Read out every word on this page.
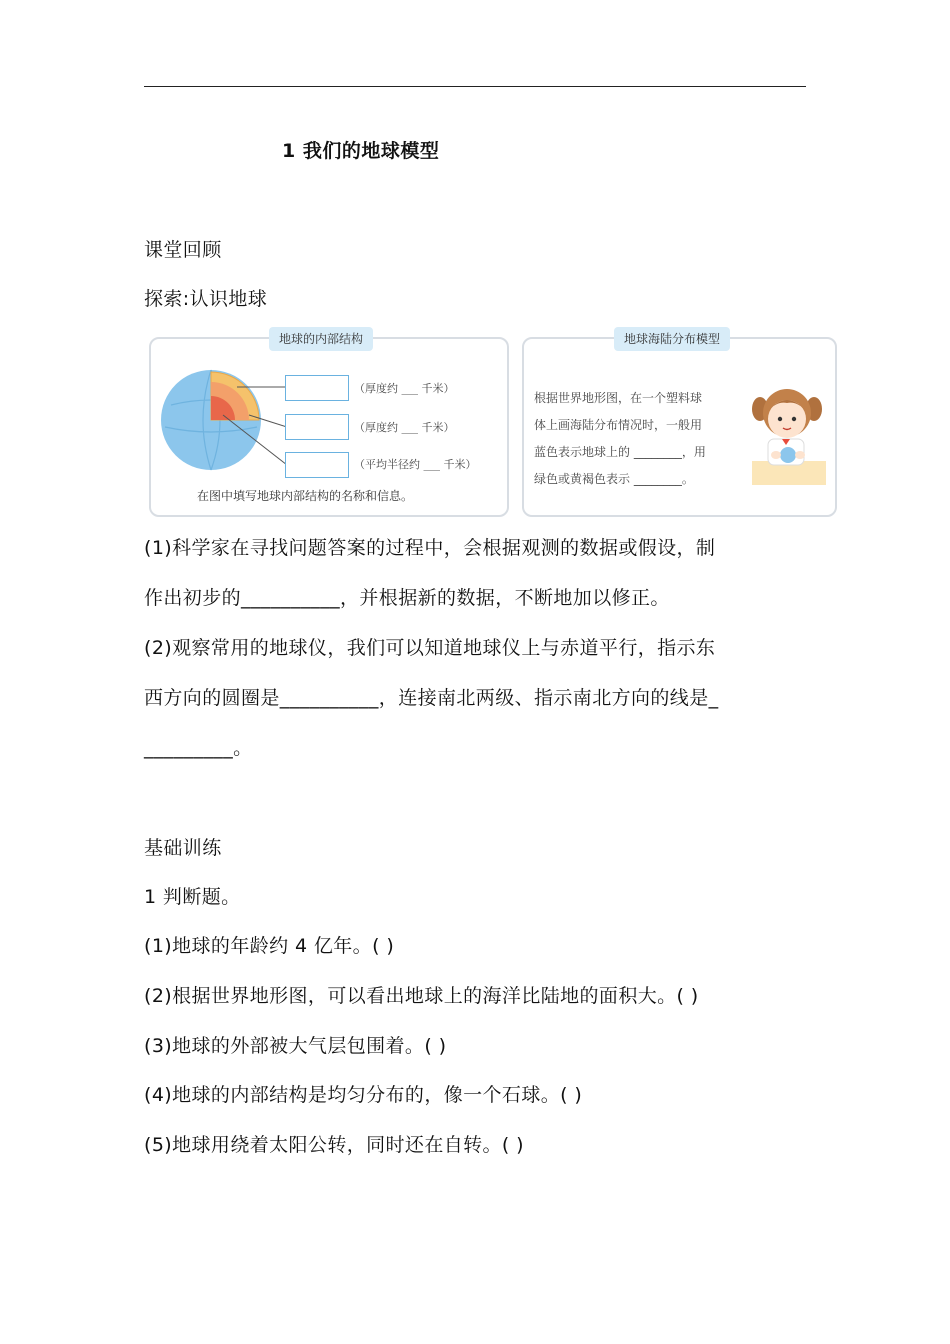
1 我们的地球模型
课堂回顾
探索:认识地球
地球的内部结构
（厚度约 ___ 千米）
（厚度约 ___ 千米）
（平均半径约 ___ 千米）
在图中填写地球内部结构的名称和信息。
地球海陆分布模型
根据世界地形图，在一个塑料球
体上画海陆分布情况时，一般用
蓝色表示地球上的 ________，用
绿色或黄褐色表示 ________。
(1)科学家在寻找问题答案的过程中，会根据观测的数据或假设，制
作出初步的__________，并根据新的数据，不断地加以修正。
(2)观察常用的地球仪，我们可以知道地球仪上与赤道平行，指示东
西方向的圆圈是__________，连接南北两级、指示南北方向的线是_
_________。
基础训练
1 判断题。
(1)地球的年龄约 4 亿年。( )
(2)根据世界地形图，可以看出地球上的海洋比陆地的面积大。( )
(3)地球的外部被大气层包围着。( )
(4)地球的内部结构是均匀分布的，像一个石球。( )
(5)地球用绕着太阳公转，同时还在自转。( )
